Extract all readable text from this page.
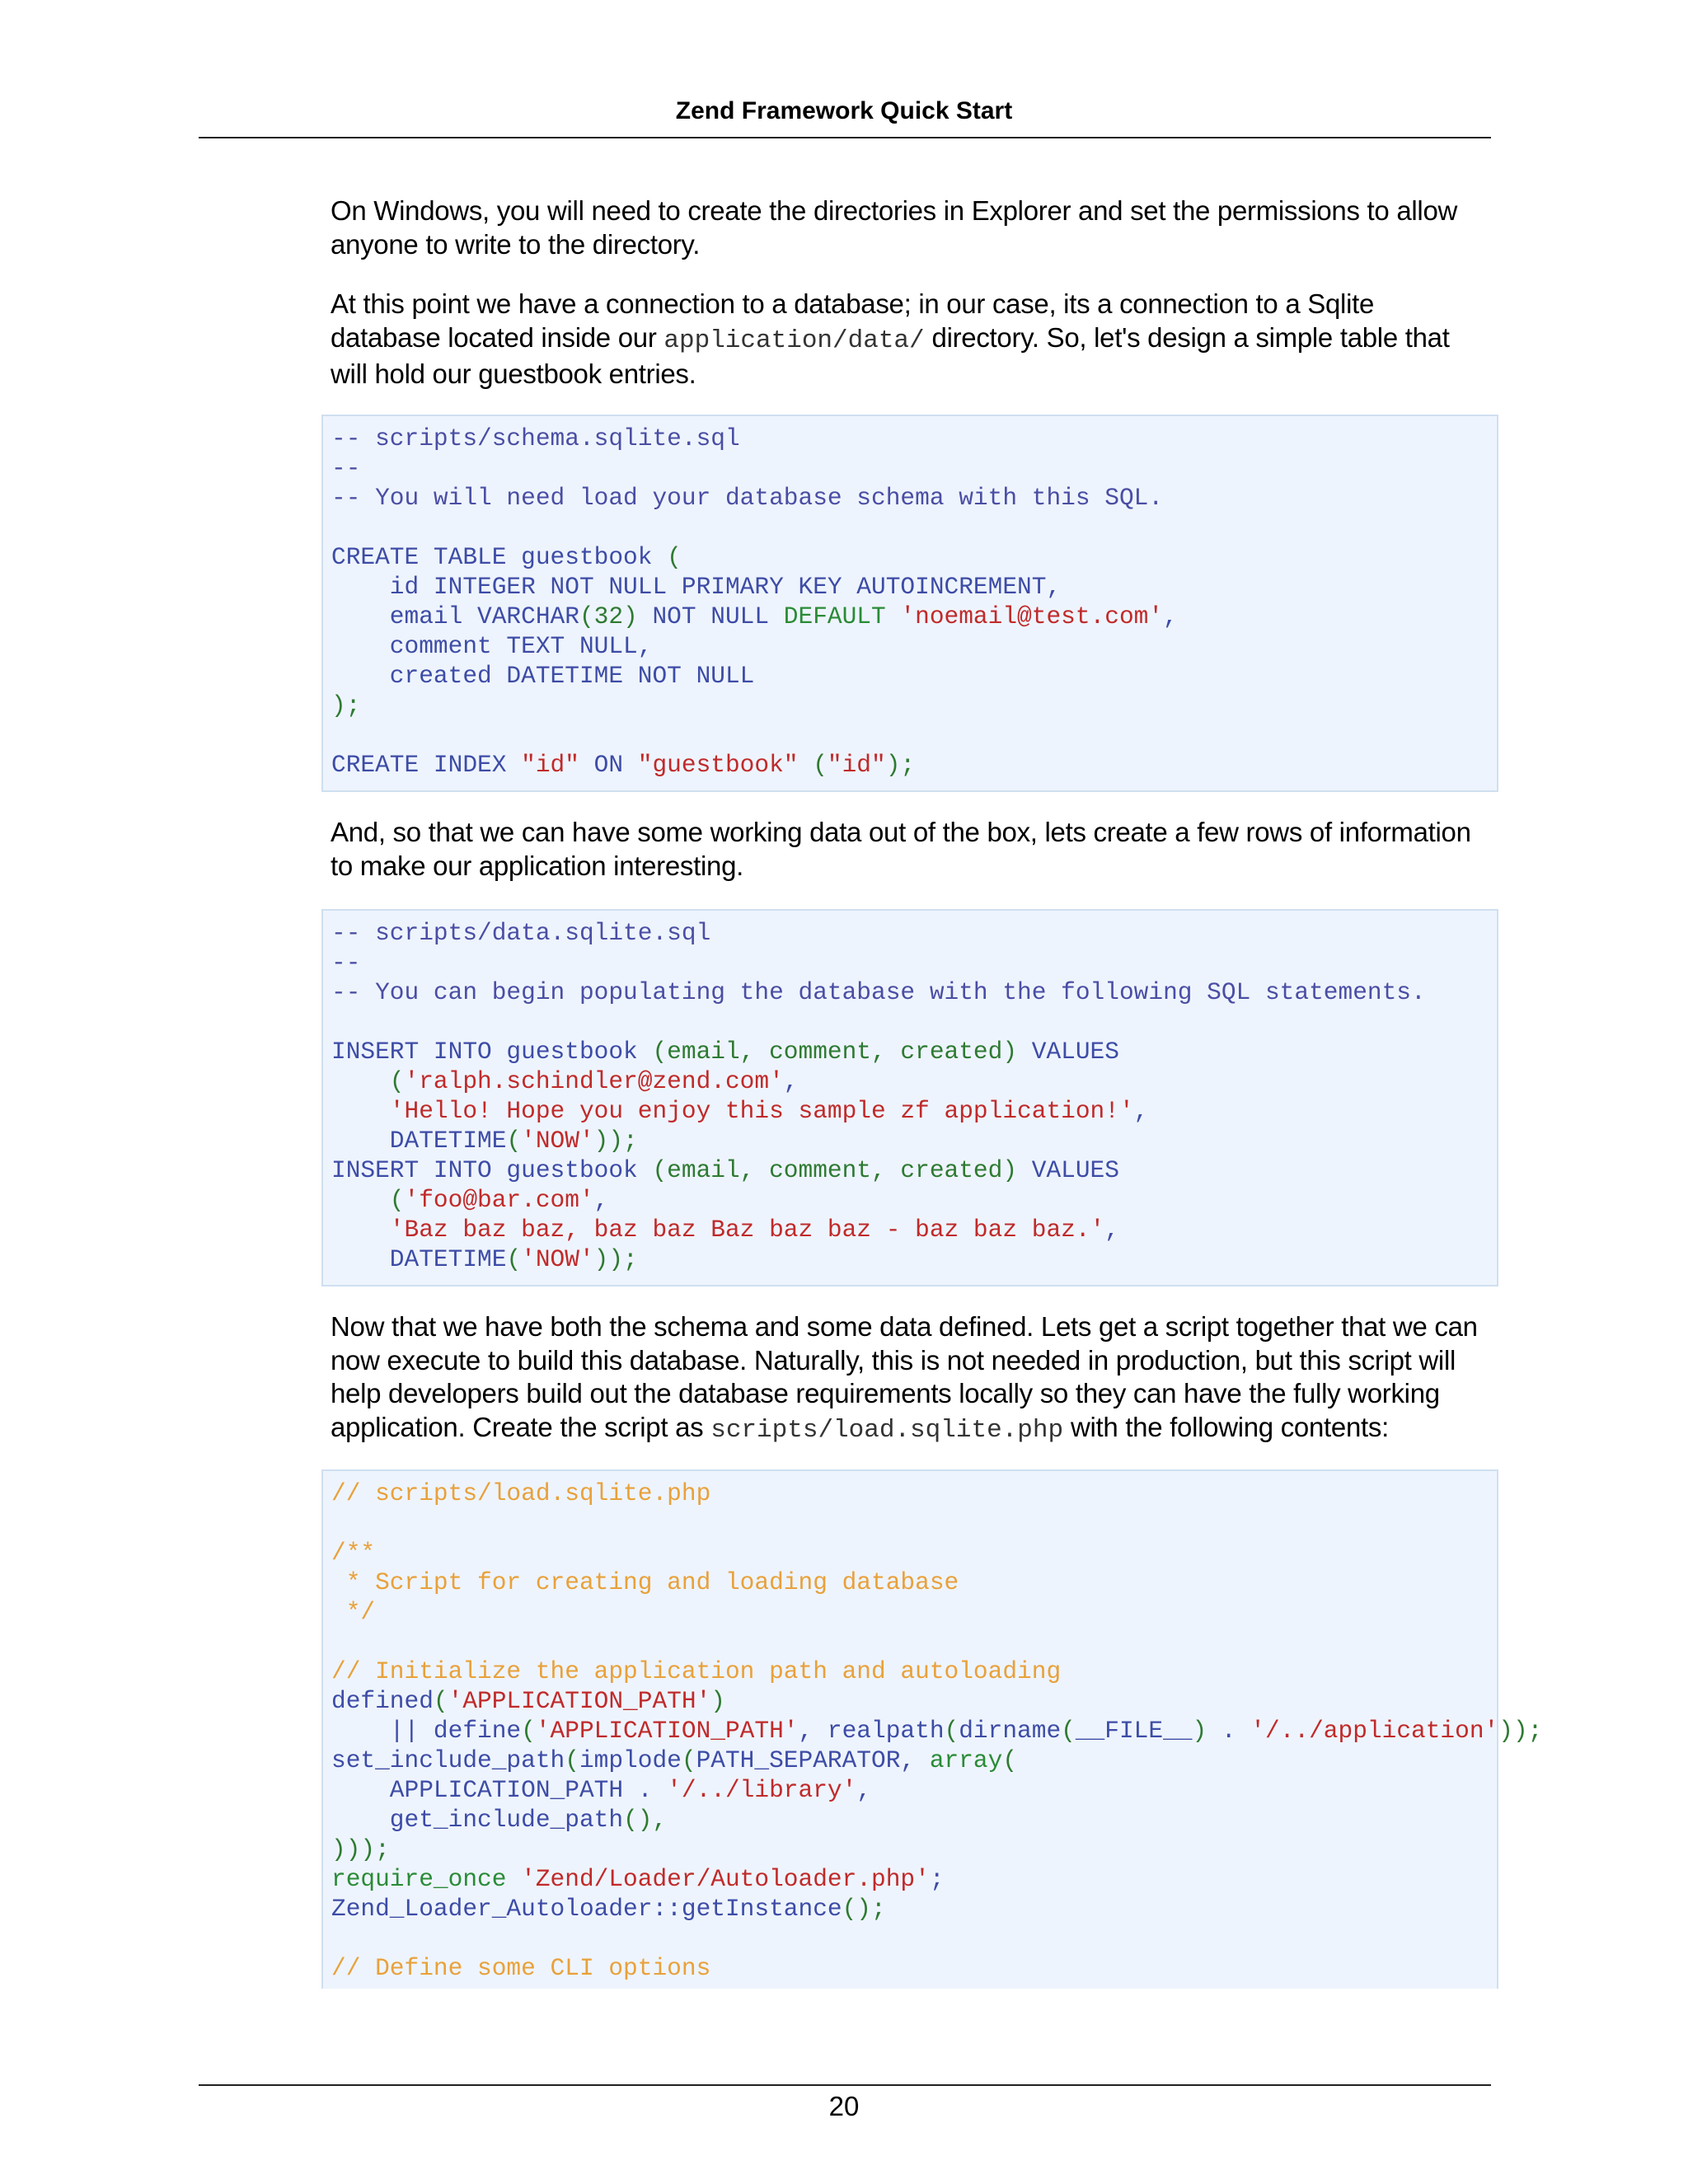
Zend Framework Quick Start

On Windows, you will need to create the directories in Explorer and set the permissions to allow anyone to write to the directory.

At this point we have a connection to a database; in our case, its a connection to a Sqlite database located inside our application/data/ directory. So, let's design a simple table that will hold our guestbook entries.

-- scripts/schema.sqlite.sql
--
-- You will need load your database schema with this SQL.

CREATE TABLE guestbook (
id INTEGER NOT NULL PRIMARY KEY AUTOINCREMENT,
email VARCHAR(32) NOT NULL DEFAULT 'noemail@test.com',
comment TEXT NULL,
created DATETIME NOT NULL
);

CREATE INDEX "id" ON "guestbook" ("id");

And, so that we can have some working data out of the box, lets create a few rows of information to make our application interesting.

-- scripts/data.sqlite.sql
--
-- You can begin populating the database with the following SQL statements.

INSERT INTO guestbook (email, comment, created) VALUES
('ralph.schindler@zend.com',
'Hello! Hope you enjoy this sample zf application!',
DATETIME('NOW'));
INSERT INTO guestbook (email, comment, created) VALUES
('foo@bar.com',
'Baz baz baz, baz baz Baz baz baz - baz baz baz.',
DATETIME('NOW'));

Now that we have both the schema and some data defined. Lets get a script together that we can now execute to build this database. Naturally, this is not needed in production, but this script will help developers build out the database requirements locally so they can have the fully working application. Create the script as scripts/load.sqlite.php with the following contents:

// scripts/load.sqlite.php

/**
* Script for creating and loading database
*/

// Initialize the application path and autoloading
defined('APPLICATION_PATH')
|| define('APPLICATION_PATH', realpath(dirname(__FILE__) . '/../application'));
set_include_path(implode(PATH_SEPARATOR, array(
APPLICATION_PATH . '/../library',
get_include_path(),
)));
require_once 'Zend/Loader/Autoloader.php';
Zend_Loader_Autoloader::getInstance();

// Define some CLI options
20
